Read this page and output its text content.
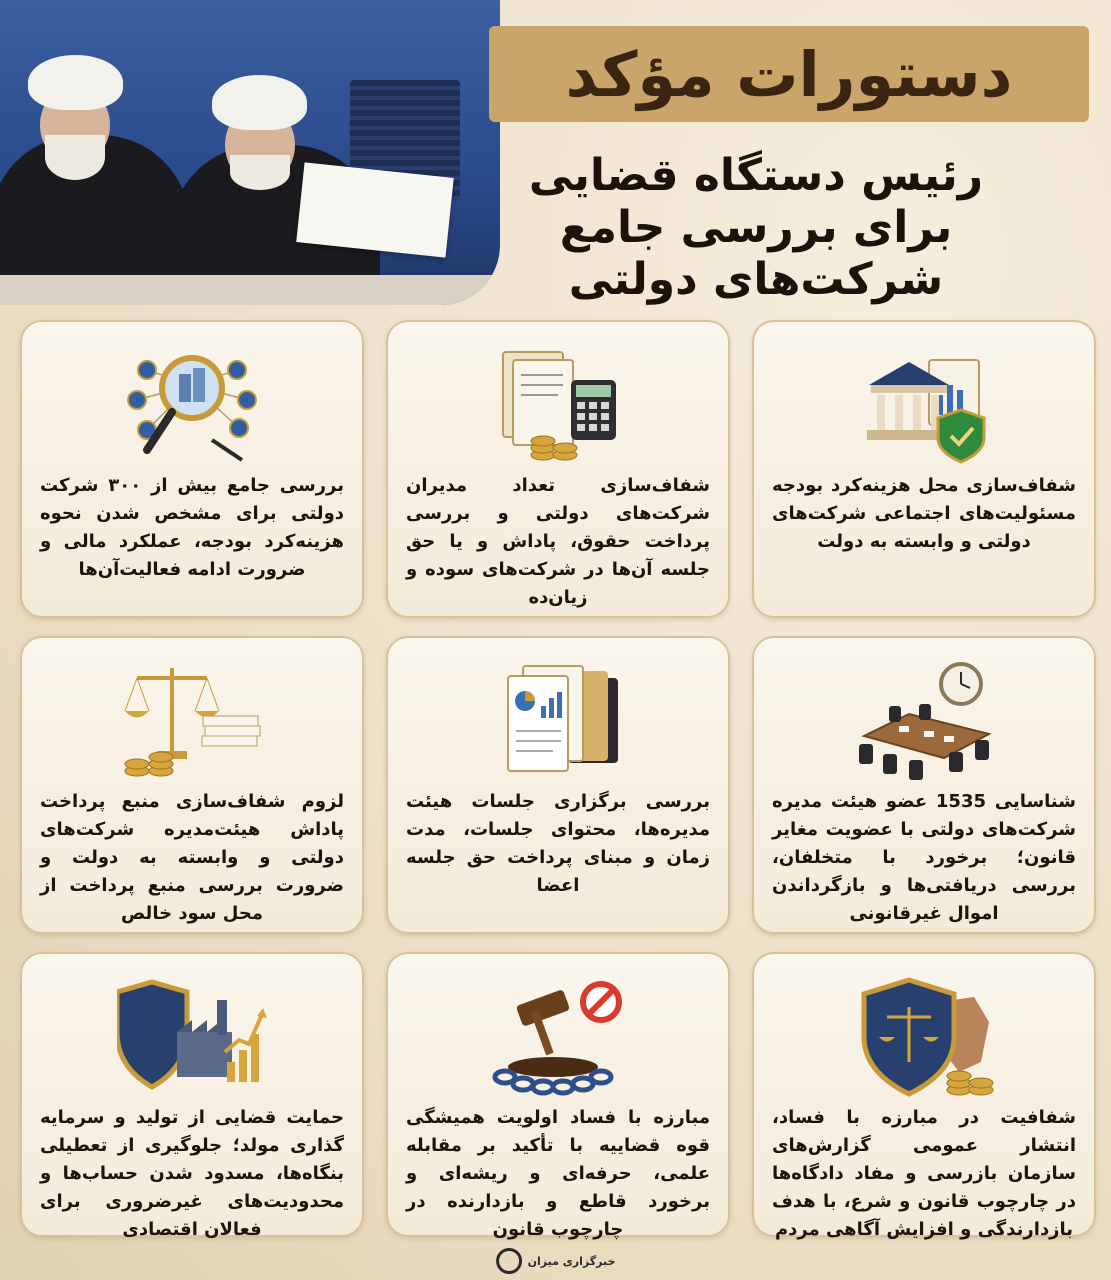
دستورات مؤکد
رئیس دستگاه قضایی
برای بررسی جامع
شرکت‌های دولتی
شفاف‌سازی محل هزینه‌کرد بودجه مسئولیت‌های اجتماعی شرکت‌های دولتی و وابسته به دولت
شفاف‌سازی تعداد مدیران شرکت‌های دولتی و بررسی پرداخت حقوق، پاداش و یا حق جلسه آن‌ها در شرکت‌های سوده و زیان‌ده
بررسی جامع بیش از ۳۰۰ شرکت دولتی برای مشخص شدن نحوه هزینه‌کرد بودجه، عملکرد مالی و ضرورت ادامه فعالیت‌آن‌ها
شناسایی 1535 عضو هیئت مدیره شرکت‌های دولتی با عضویت مغایر قانون؛ برخورد با متخلفان، بررسی دریافتی‌ها و بازگرداندن اموال غیرقانونی
بررسی برگزاری جلسات هیئت مدیره‌ها، محتوای جلسات، مدت زمان و مبنای پرداخت حق جلسه اعضا
لزوم شفاف‌سازی منبع پرداخت پاداش هیئت‌مدیره شرکت‌های دولتی و وابسته به دولت و ضرورت بررسی منبع پرداخت از محل سود خالص
شفافیت در مبارزه با فساد، انتشار عمومی گزارش‌های سازمان بازرسی و مفاد دادگاه‌ها در چارچوب قانون و شرع، با هدف بازدارندگی و افزایش آگاهی مردم
مبارزه با فساد اولویت همیشگی قوه قضاییه با تأکید بر مقابله علمی، حرفه‌ای و ریشه‌ای و برخورد قاطع و بازدارنده در چارچوب قانون
حمایت قضایی از تولید و سرمایه گذاری مولد؛ جلوگیری از تعطیلی بنگاه‌ها، مسدود شدن حساب‌ها و محدودیت‌های غیرضروری برای فعالان اقتصادی
خبرگزاری میزان
